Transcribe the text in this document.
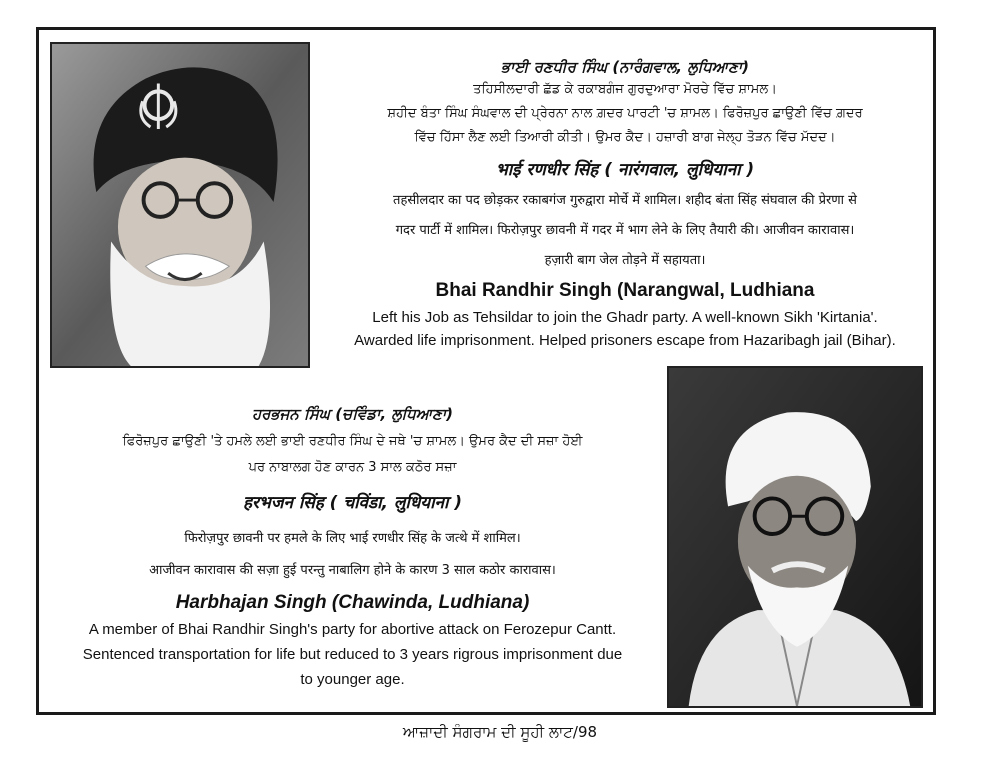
ਭਾਈ ਰਣਧੀਰ ਸਿੰਘ (ਨਾਰੰਗਵਾਲ, ਲੁਧਿਆਣਾ)
ਤਹਿਸੀਲਦਾਰੀ ਛੱਡ ਕੇ ਰਕਾਬਗੰਜ ਗੁਰਦੁਆਰਾ ਮੋਰਚੇ ਵਿੱਚ ਸ਼ਾਮਲ।
ਸ਼ਹੀਦ ਬੰਤਾ ਸਿੰਘ ਸੰਘਵਾਲ ਦੀ ਪ੍ਰੇਰਨਾ ਨਾਲ ਗ਼ਦਰ ਪਾਰਟੀ 'ਚ ਸ਼ਾਮਲ। ਫਿਰੋਜ਼ਪੁਰ ਛਾਉਣੀ ਵਿੱਚ ਗ਼ਦਰ
ਵਿੱਚ ਹਿੱਸਾ ਲੈਣ ਲਈ ਤਿਆਰੀ ਕੀਤੀ। ਉਮਰ ਕੈਦ। ਹਜ਼ਾਰੀ ਬਾਗ ਜੇਲ੍ਹ ਤੋੜਨ ਵਿੱਚ ਮੱਦਦ।
भाई रणधीर सिंह ( नारंगवाल, लुधियाना )
तहसीलदार का पद छोड़कर रकाबगंज गुरुद्वारा मोर्चे में शामिल। शहीद बंता सिंह संघवाल की प्रेरणा से
गदर पार्टी में शामिल। फिरोज़पुर छावनी में गदर में भाग लेने के लिए तैयारी की। आजीवन कारावास।
हज़ारी बाग जेल तोड़ने में सहायता।
Bhai Randhir Singh (Narangwal, Ludhiana
Left his Job as Tehsildar to join the Ghadr party. A well-known Sikh 'Kirtania'.
Awarded life imprisonment. Helped prisoners escape from Hazaribagh jail (Bihar).
ਹਰਭਜਨ ਸਿੰਘ (ਚਵਿੰਡਾ, ਲੁਧਿਆਣਾ)
ਫਿਰੋਜ਼ਪੁਰ ਛਾਉਣੀ 'ਤੇ ਹਮਲੇ ਲਈ ਭਾਈ ਰਣਧੀਰ ਸਿੰਘ ਦੇ ਜਥੇ 'ਚ ਸ਼ਾਮਲ। ਉਮਰ ਕੈਦ ਦੀ ਸਜ਼ਾ ਹੋਈ
ਪਰ ਨਾਬਾਲਗ ਹੋਣ ਕਾਰਨ 3 ਸਾਲ ਕਠੋਰ ਸਜ਼ਾ
हरभजन सिंह ( चविंडा, लुधियाना )
फिरोज़पुर छावनी पर हमले के लिए भाई रणधीर सिंह के जत्थे में शामिल।
आजीवन कारावास की सज़ा हुई परन्तु नाबालिग होने के कारण 3 साल कठोर कारावास।
Harbhajan Singh (Chawinda, Ludhiana)
A member of Bhai Randhir Singh's party for abortive attack on Ferozepur Cantt.
Sentenced transportation for life but reduced to 3 years rigrous imprisonment due
to younger age.
ਆਜ਼ਾਦੀ ਸੰਗਰਾਮ ਦੀ ਸੂਹੀ ਲਾਟ/98
